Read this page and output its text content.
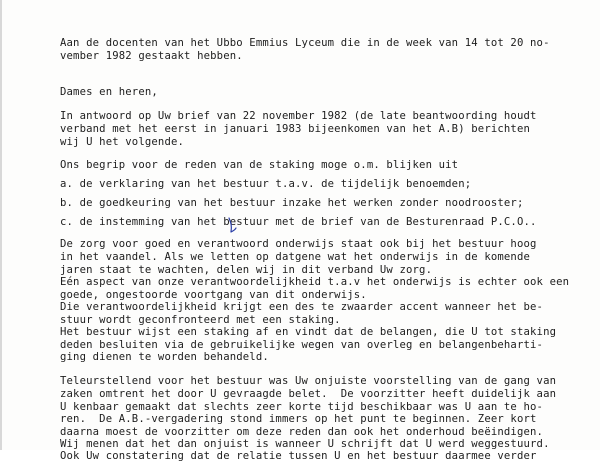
Aan de docenten van het Ubbo Emmius Lyceum die in de week van 14 tot 20 no-
vember 1982 gestaakt hebben.
Dames en heren,
In antwoord op Uw brief van 22 november 1982 (de late beantwoording houdt
verband met het eerst in januari 1983 bijeenkomen van het A.B) berichten
wij U het volgende.
Ons begrip voor de reden van de staking moge o.m. blijken uit
a. de verklaring van het bestuur t.a.v. de tijdelijk benoemden;
b. de goedkeuring van het bestuur inzake het werken zonder noodrooster;
c. de instemming van het bestuur met de brief van de Besturenraad P.C.O..
De zorg voor goed en verantwoord onderwijs staat ook bij het bestuur hoog
in het vaandel. Als we letten op datgene wat het onderwijs in de komende
jaren staat te wachten, delen wij in dit verband Uw zorg.
Eén aspect van onze verantwoordelijkheid t.a.v het onderwijs is echter ook een
goede, ongestoorde voortgang van dit onderwijs.
Die verantwoordelijkheid krijgt een des te zwaarder accent wanneer het be-
stuur wordt geconfronteerd met een staking.
Het bestuur wijst een staking af en vindt dat de belangen, die U tot staking
deden besluiten via de gebruikelijke wegen van overleg en belangenbeharti-
ging dienen te worden behandeld.
Teleurstellend voor het bestuur was Uw onjuiste voorstelling van de gang van
zaken omtrent het door U gevraagde belet.  De voorzitter heeft duidelijk aan
U kenbaar gemaakt dat slechts zeer korte tijd beschikbaar was U aan te ho-
ren.  De A.B.-vergadering stond immers op het punt te beginnen. Zeer kort
daarna moest de voorzitter om deze reden dan ook het onderhoud beëindigen.
Wij menen dat het dan onjuist is wanneer U schrijft dat U werd weggestuurd.
Ook Uw constatering dat de relatie tussen U en het bestuur daarmee verder
